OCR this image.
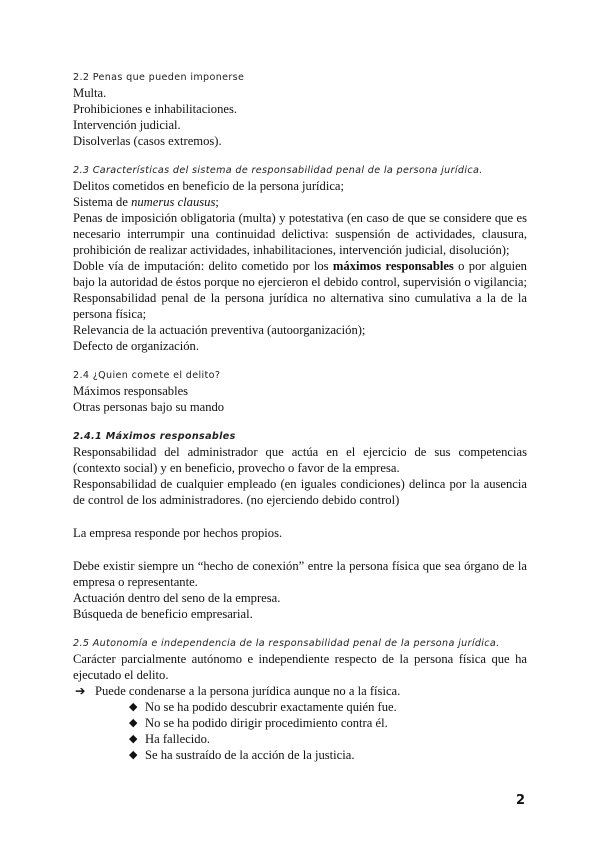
2.2 Penas que pueden imponerse

Multa.

Prohibiciones e inhabilitaciones.

Intervención judicial.

Disolverlas (casos extremos).

2.3 Características del sistema de responsabilidad penal de la persona jurídica.

Delitos cometidos en beneficio de la persona jurídica;

Sistema de numerus clausus;

Penas de imposición obligatoria (multa) y potestativa (en caso de que se considere que es necesario interrumpir una continuidad delictiva: suspensión de actividades, clausura, prohibición de realizar actividades, inhabilitaciones, intervención judicial, disolución);

Doble vía de imputación: delito cometido por los máximos responsables o por alguien bajo la autoridad de éstos porque no ejercieron el debido control, supervisión o vigilancia;

Responsabilidad penal de la persona jurídica no alternativa sino cumulativa a la de la persona física;

Relevancia de la actuación preventiva (autoorganización);

Defecto de organización.

2.4 ¿Quien comete el delito?

Máximos responsables

Otras personas bajo su mando

2.4.1 Máximos responsables

Responsabilidad del administrador que actúa en el ejercicio de sus competencias (contexto social) y en beneficio, provecho o favor de la empresa.

Responsabilidad de cualquier empleado (en iguales condiciones) delinca por la ausencia de control de los administradores. (no ejerciendo debido control)

La empresa responde por hechos propios.

Debe existir siempre un “hecho de conexión” entre la persona física que sea órgano de la empresa o representante.

Actuación dentro del seno de la empresa.

Búsqueda de beneficio empresarial.

2.5 Autonomía e independencia de la responsabilidad penal de la persona jurídica.

Carácter parcialmente autónomo e independiente respecto de la persona física que ha ejecutado el delito.

➔ Puede condenarse a la persona jurídica aunque no a la física.

◆ No se ha podido descubrir exactamente quién fue.

◆ No se ha podido dirigir procedimiento contra él.

◆ Ha fallecido.

◆ Se ha sustraído de la acción de la justicia.

2
